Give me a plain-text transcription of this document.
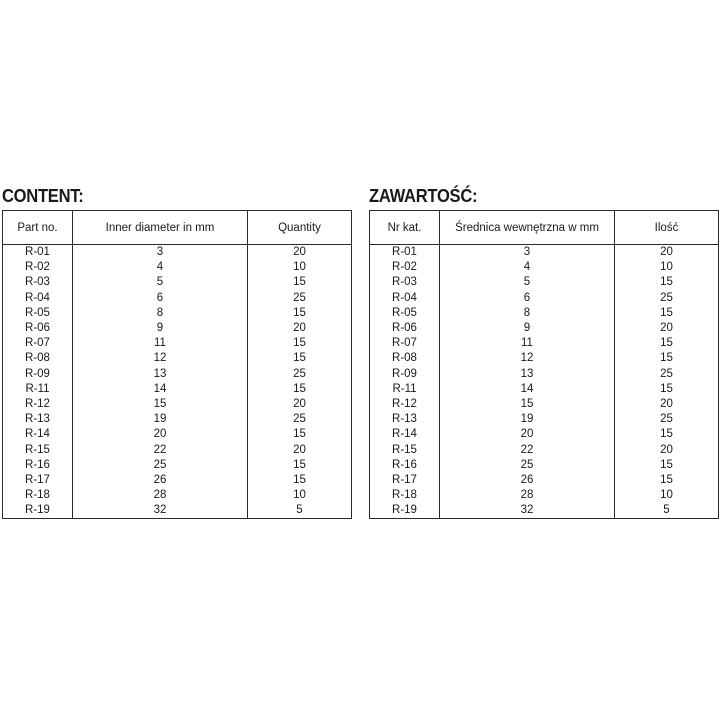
CONTENT:
Part no.	Inner diameter in mm	Quantity
R-01	3	20
R-02	4	10
R-03	5	15
R-04	6	25
R-05	8	15
R-06	9	20
R-07	11	15
R-08	12	15
R-09	13	25
R-11	14	15
R-12	15	20
R-13	19	25
R-14	20	15
R-15	22	20
R-16	25	15
R-17	26	15
R-18	28	10
R-19	32	5
ZAWARTOŚĆ:
Nr kat.	Średnica wewnętrzna w mm	Ilość
R-01	3	20
R-02	4	10
R-03	5	15
R-04	6	25
R-05	8	15
R-06	9	20
R-07	11	15
R-08	12	15
R-09	13	25
R-11	14	15
R-12	15	20
R-13	19	25
R-14	20	15
R-15	22	20
R-16	25	15
R-17	26	15
R-18	28	10
R-19	32	5
